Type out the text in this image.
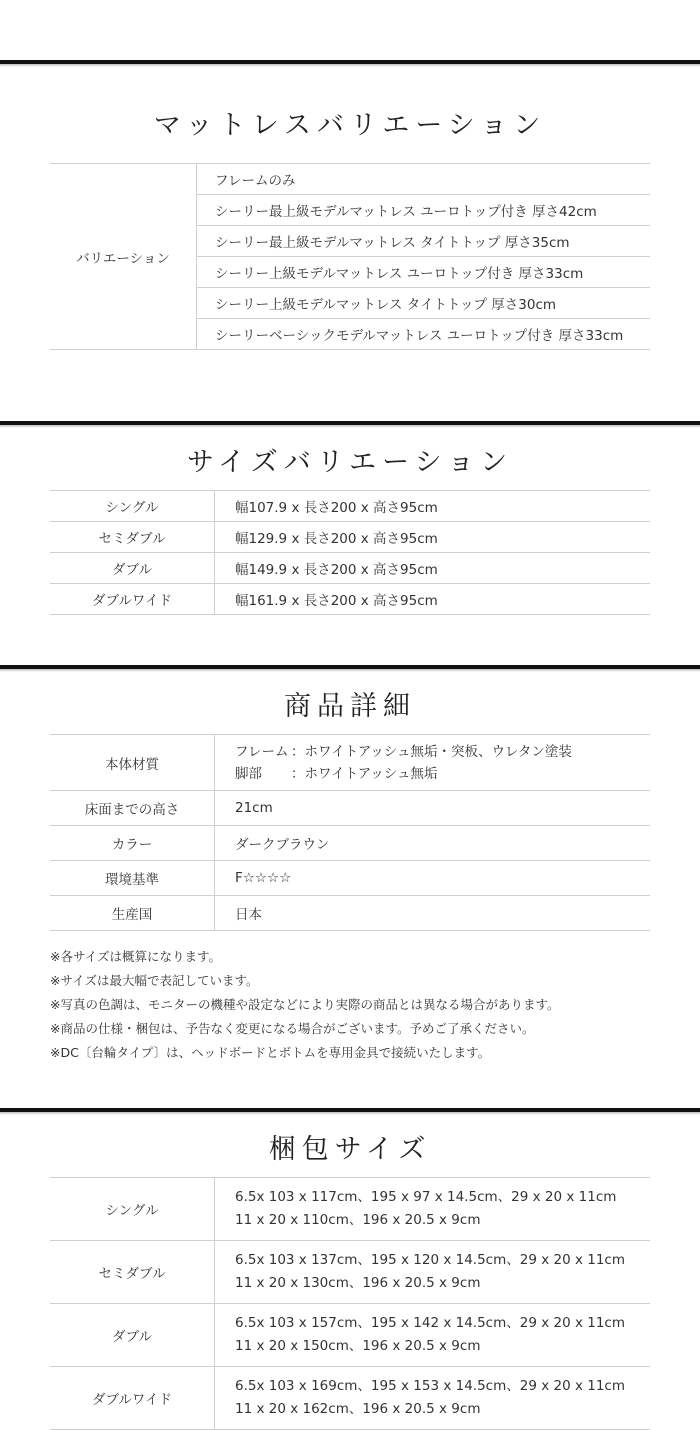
マットレスバリエーション
バリエーション	フレームのみ
シーリー最上級モデルマットレス ユーロトップ付き 厚さ42cm
シーリー最上級モデルマットレス タイトトップ 厚さ35cm
シーリー上級モデルマットレス ユーロトップ付き 厚さ33cm
シーリー上級モデルマットレス タイトトップ 厚さ30cm
シーリーベーシックモデルマットレス ユーロトップ付き 厚さ33cm
サイズバリエーション
シングル	幅107.9 x 長さ200 x 高さ95cm
セミダブル	幅129.9 x 長さ200 x 高さ95cm
ダブル	幅149.9 x 長さ200 x 高さ95cm
ダブルワイド	幅161.9 x 長さ200 x 高さ95cm
商品詳細
本体材質	フレーム ：ホワイトアッシュ無垢・突板、ウレタン塗装
脚部 ：ホワイトアッシュ無垢

床面までの高さ	21cm
カラー	ダークブラウン
環境基準	F☆☆☆☆
生産国	日本
※各サイズは概算になります。
※サイズは最大幅で表記しています。
※写真の色調は、モニターの機種や設定などにより実際の商品とは異なる場合があります。
※商品の仕様・梱包は、予告なく変更になる場合がございます。予めご了承ください。
※DC〔台輪タイプ〕は、ヘッドボードとボトムを専用金具で接続いたします。
梱包サイズ
シングル	6.5x 103 x 117cm、195 x 97 x 14.5cm、29 x 20 x 11cm
11 x 20 x 110cm、196 x 20.5 x 9cm

セミダブル	6.5x 103 x 137cm、195 x 120 x 14.5cm、29 x 20 x 11cm
11 x 20 x 130cm、196 x 20.5 x 9cm

ダブル	6.5x 103 x 157cm、195 x 142 x 14.5cm、29 x 20 x 11cm
11 x 20 x 150cm、196 x 20.5 x 9cm

ダブルワイド	6.5x 103 x 169cm、195 x 153 x 14.5cm、29 x 20 x 11cm
11 x 20 x 162cm、196 x 20.5 x 9cm
